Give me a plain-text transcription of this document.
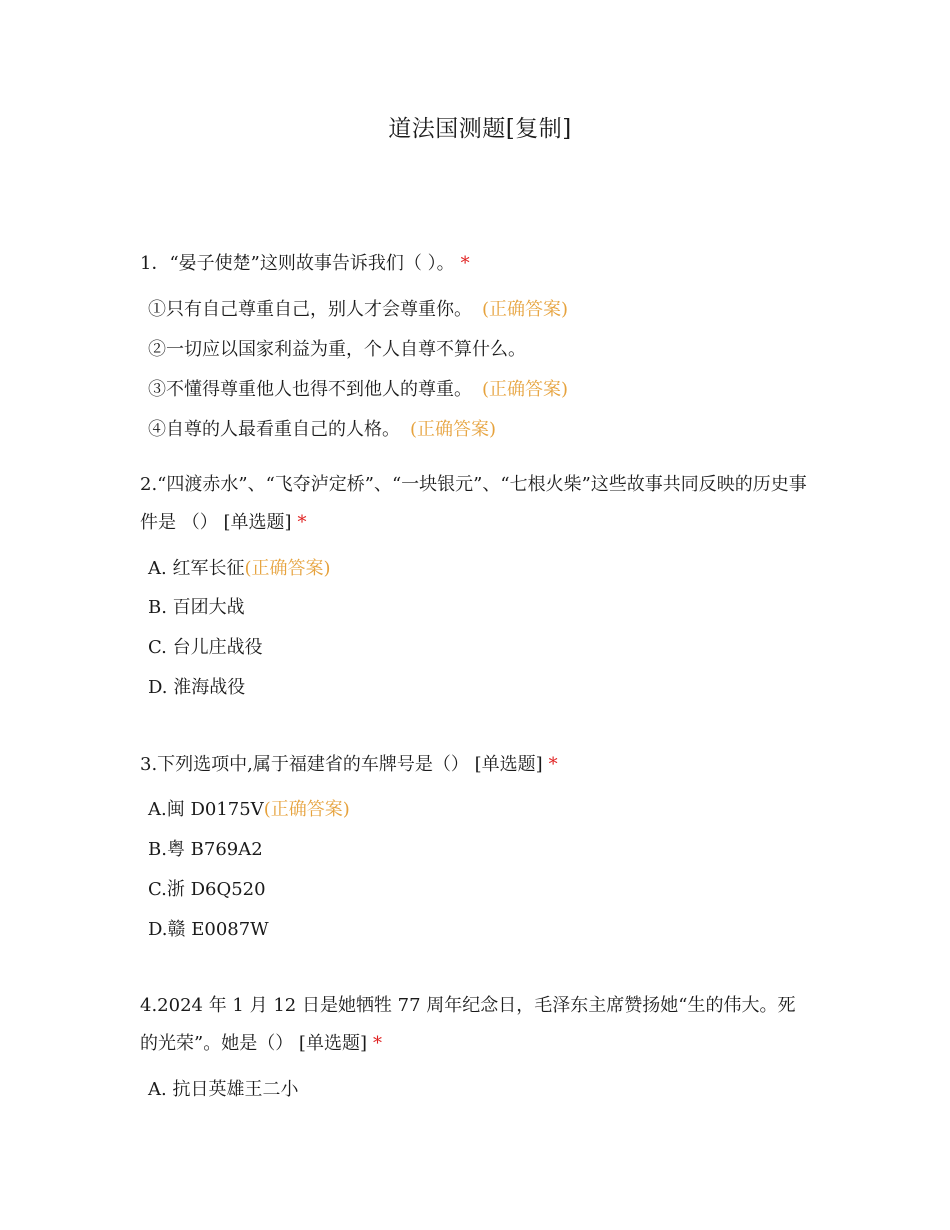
道法国测题[复制]
1．“晏子使楚”这则故事告诉我们（ ）。 *
①只有自己尊重自己，别人才会尊重你。 (正确答案)
②一切应以国家利益为重，个人自尊不算什么。
③不懂得尊重他人也得不到他人的尊重。 (正确答案)
④自尊的人最看重自己的人格。 (正确答案)
2.“四渡赤水”、“飞夺泸定桥”、“一块银元”、“七根火柴”这些故事共同反映的历史事件是 （） [单选题] *
A. 红军长征(正确答案)
B. 百团大战
C. 台儿庄战役
D. 淮海战役
3.下列选项中,属于福建省的车牌号是（） [单选题] *
A.闽 D0175V(正确答案)
B.粤 B769A2
C.浙 D6Q520
D.赣 E0087W
4.2024 年 1 月 12 日是她牺牲 77 周年纪念日，毛泽东主席赞扬她“生的伟大。死的光荣”。她是（） [单选题] *
A. 抗日英雄王二小
